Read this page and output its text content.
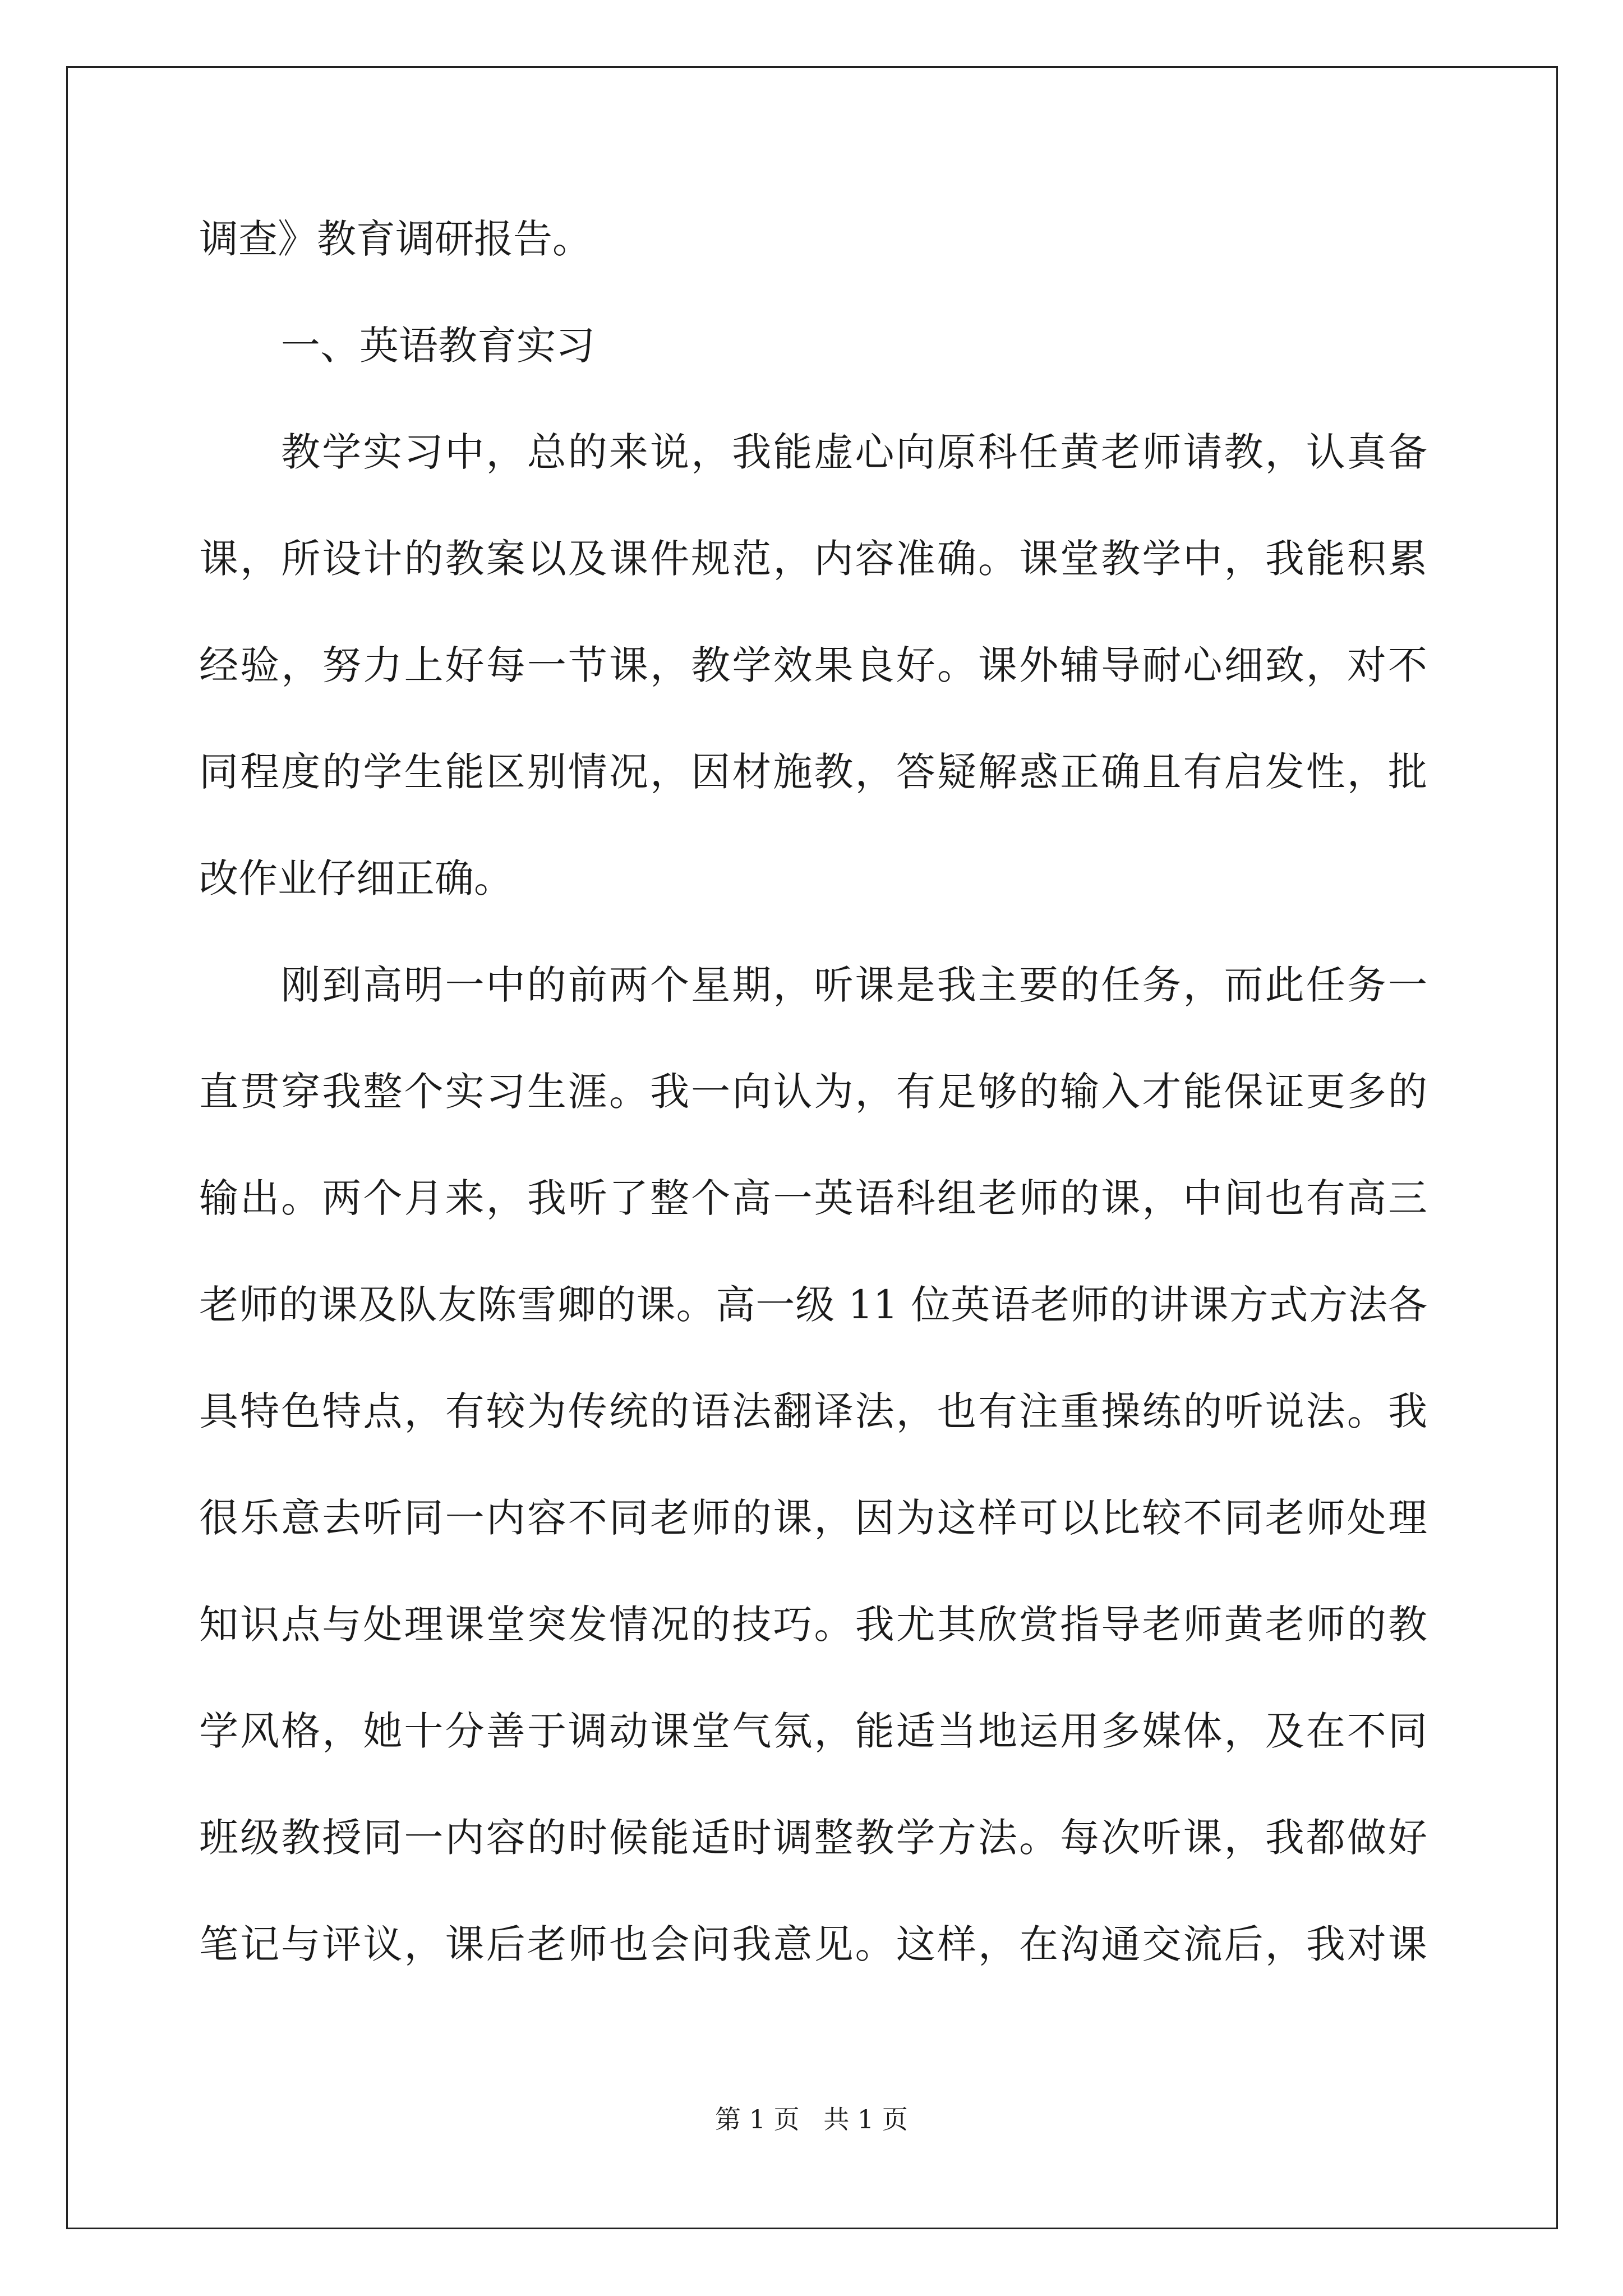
调查》教育调研报告。
一、英语教育实习
教学实习中，总的来说，我能虚心向原科任黄老师请教，认真备
课，所设计的教案以及课件规范，内容准确。课堂教学中，我能积累
经验，努力上好每一节课，教学效果良好。课外辅导耐心细致，对不
同程度的学生能区别情况，因材施教，答疑解惑正确且有启发性，批
改作业仔细正确。
刚到高明一中的前两个星期，听课是我主要的任务，而此任务一
直贯穿我整个实习生涯。我一向认为，有足够的输入才能保证更多的
输出。两个月来，我听了整个高一英语科组老师的课，中间也有高三
老师的课及队友陈雪卿的课。高一级 11 位英语老师的讲课方式方法各
具特色特点，有较为传统的语法翻译法，也有注重操练的听说法。我
很乐意去听同一内容不同老师的课，因为这样可以比较不同老师处理
知识点与处理课堂突发情况的技巧。我尤其欣赏指导老师黄老师的教
学风格，她十分善于调动课堂气氛，能适当地运用多媒体，及在不同
班级教授同一内容的时候能适时调整教学方法。每次听课，我都做好
笔记与评议，课后老师也会问我意见。这样，在沟通交流后，我对课
第 1 页 共 1 页
